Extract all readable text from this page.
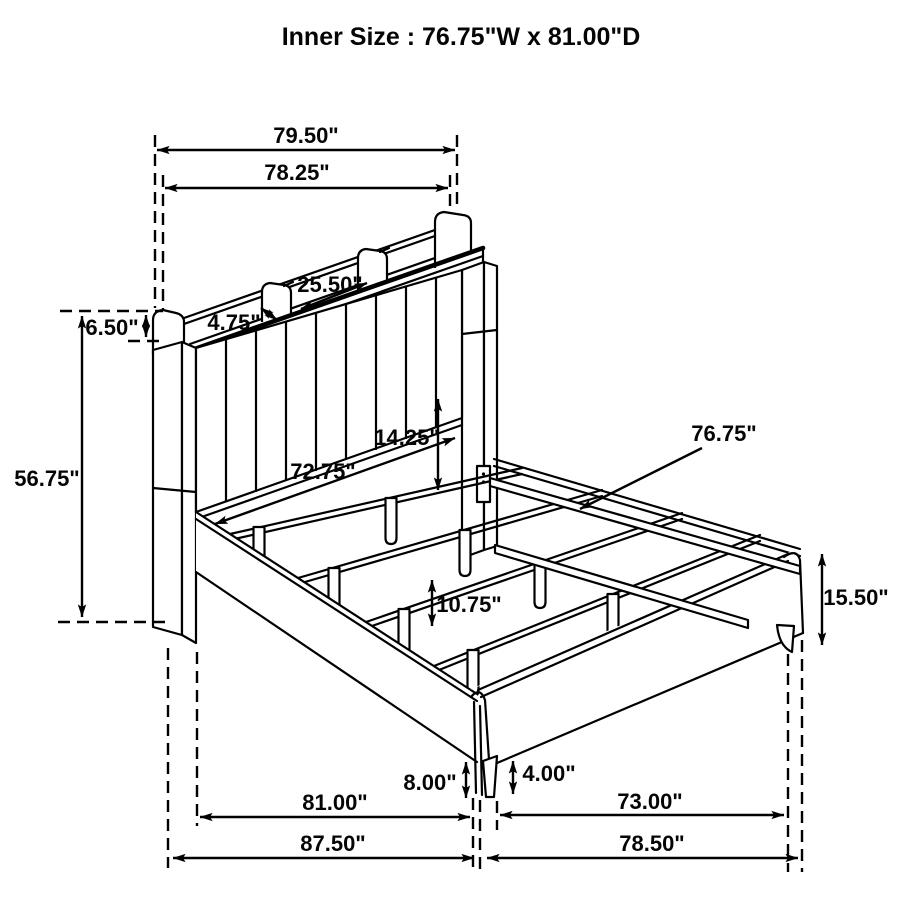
79.50"
78.25"
25.50"
4.75"
6.50"
56.75"
14.25"
72.75"
76.75"
10.75"	15.50"
8.00"	4.00"
81.00"	73.00"
87.50"	78.50"
Inner Size : 76.75"W x 81.00"D
